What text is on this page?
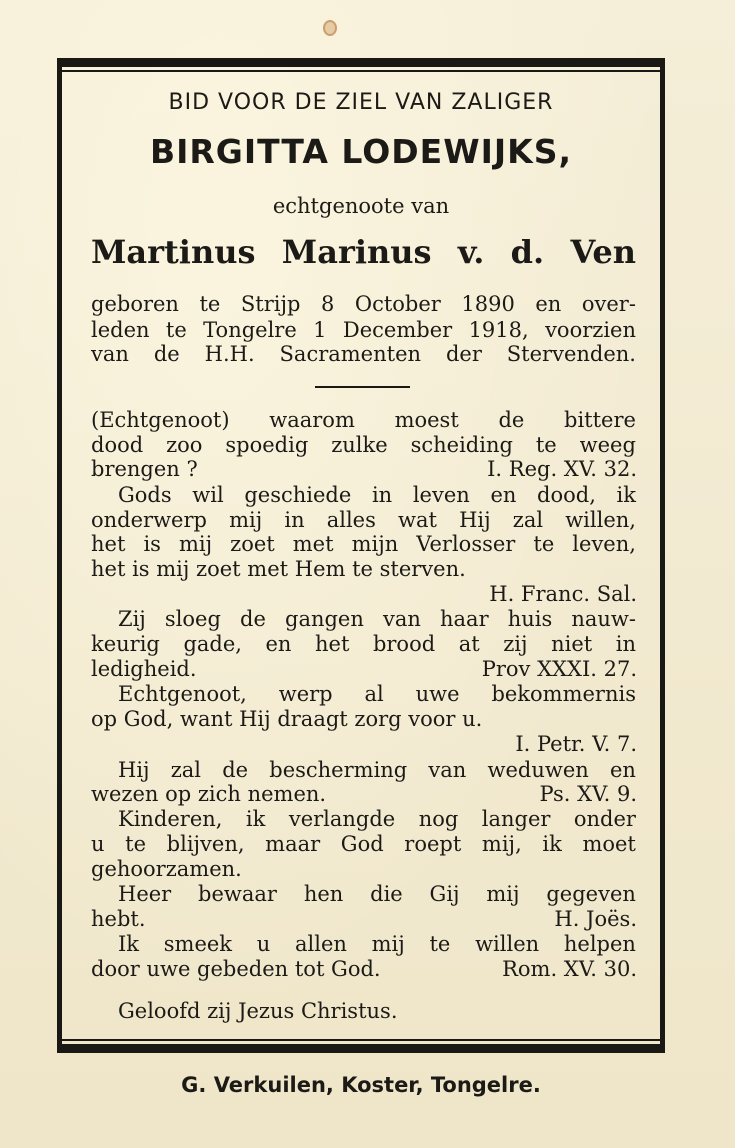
BID VOOR DE ZIEL VAN ZALIGER
BIRGITTA LODEWIJKS,
echtgenoote van
Martinus Marinus v. d. Ven
geboren te Strijp 8 October 1890 en over-
leden te Tongelre 1 December 1918, voorzien
van de H.H. Sacramenten der Stervenden.
(Echtgenoot) waarom moest de bittere
dood zoo spoedig zulke scheiding te weeg
brengen ?	I. Reg. XV. 32.
Gods wil geschiede in leven en dood, ik
onderwerp mij in alles wat Hij zal willen,
het is mij zoet met mijn Verlosser te leven,
het is mij zoet met Hem te sterven.
H. Franc. Sal.
Zij sloeg de gangen van haar huis nauw-
keurig gade, en het brood at zij niet in
ledigheid.	Prov XXXI. 27.
Echtgenoot, werp al uwe bekommernis
op God, want Hij draagt zorg voor u.
I. Petr. V. 7.
Hij zal de bescherming van weduwen en
wezen op zich nemen.	Ps. XV. 9.
Kinderen, ik verlangde nog langer onder
u te blijven, maar God roept mij, ik moet
gehoorzamen.
Heer bewaar hen die Gij mij gegeven
hebt.	H. Joës.
Ik smeek u allen mij te willen helpen
door uwe gebeden tot God.	Rom. XV. 30.
Geloofd zij Jezus Christus.
G. Verkuilen, Koster, Tongelre.
